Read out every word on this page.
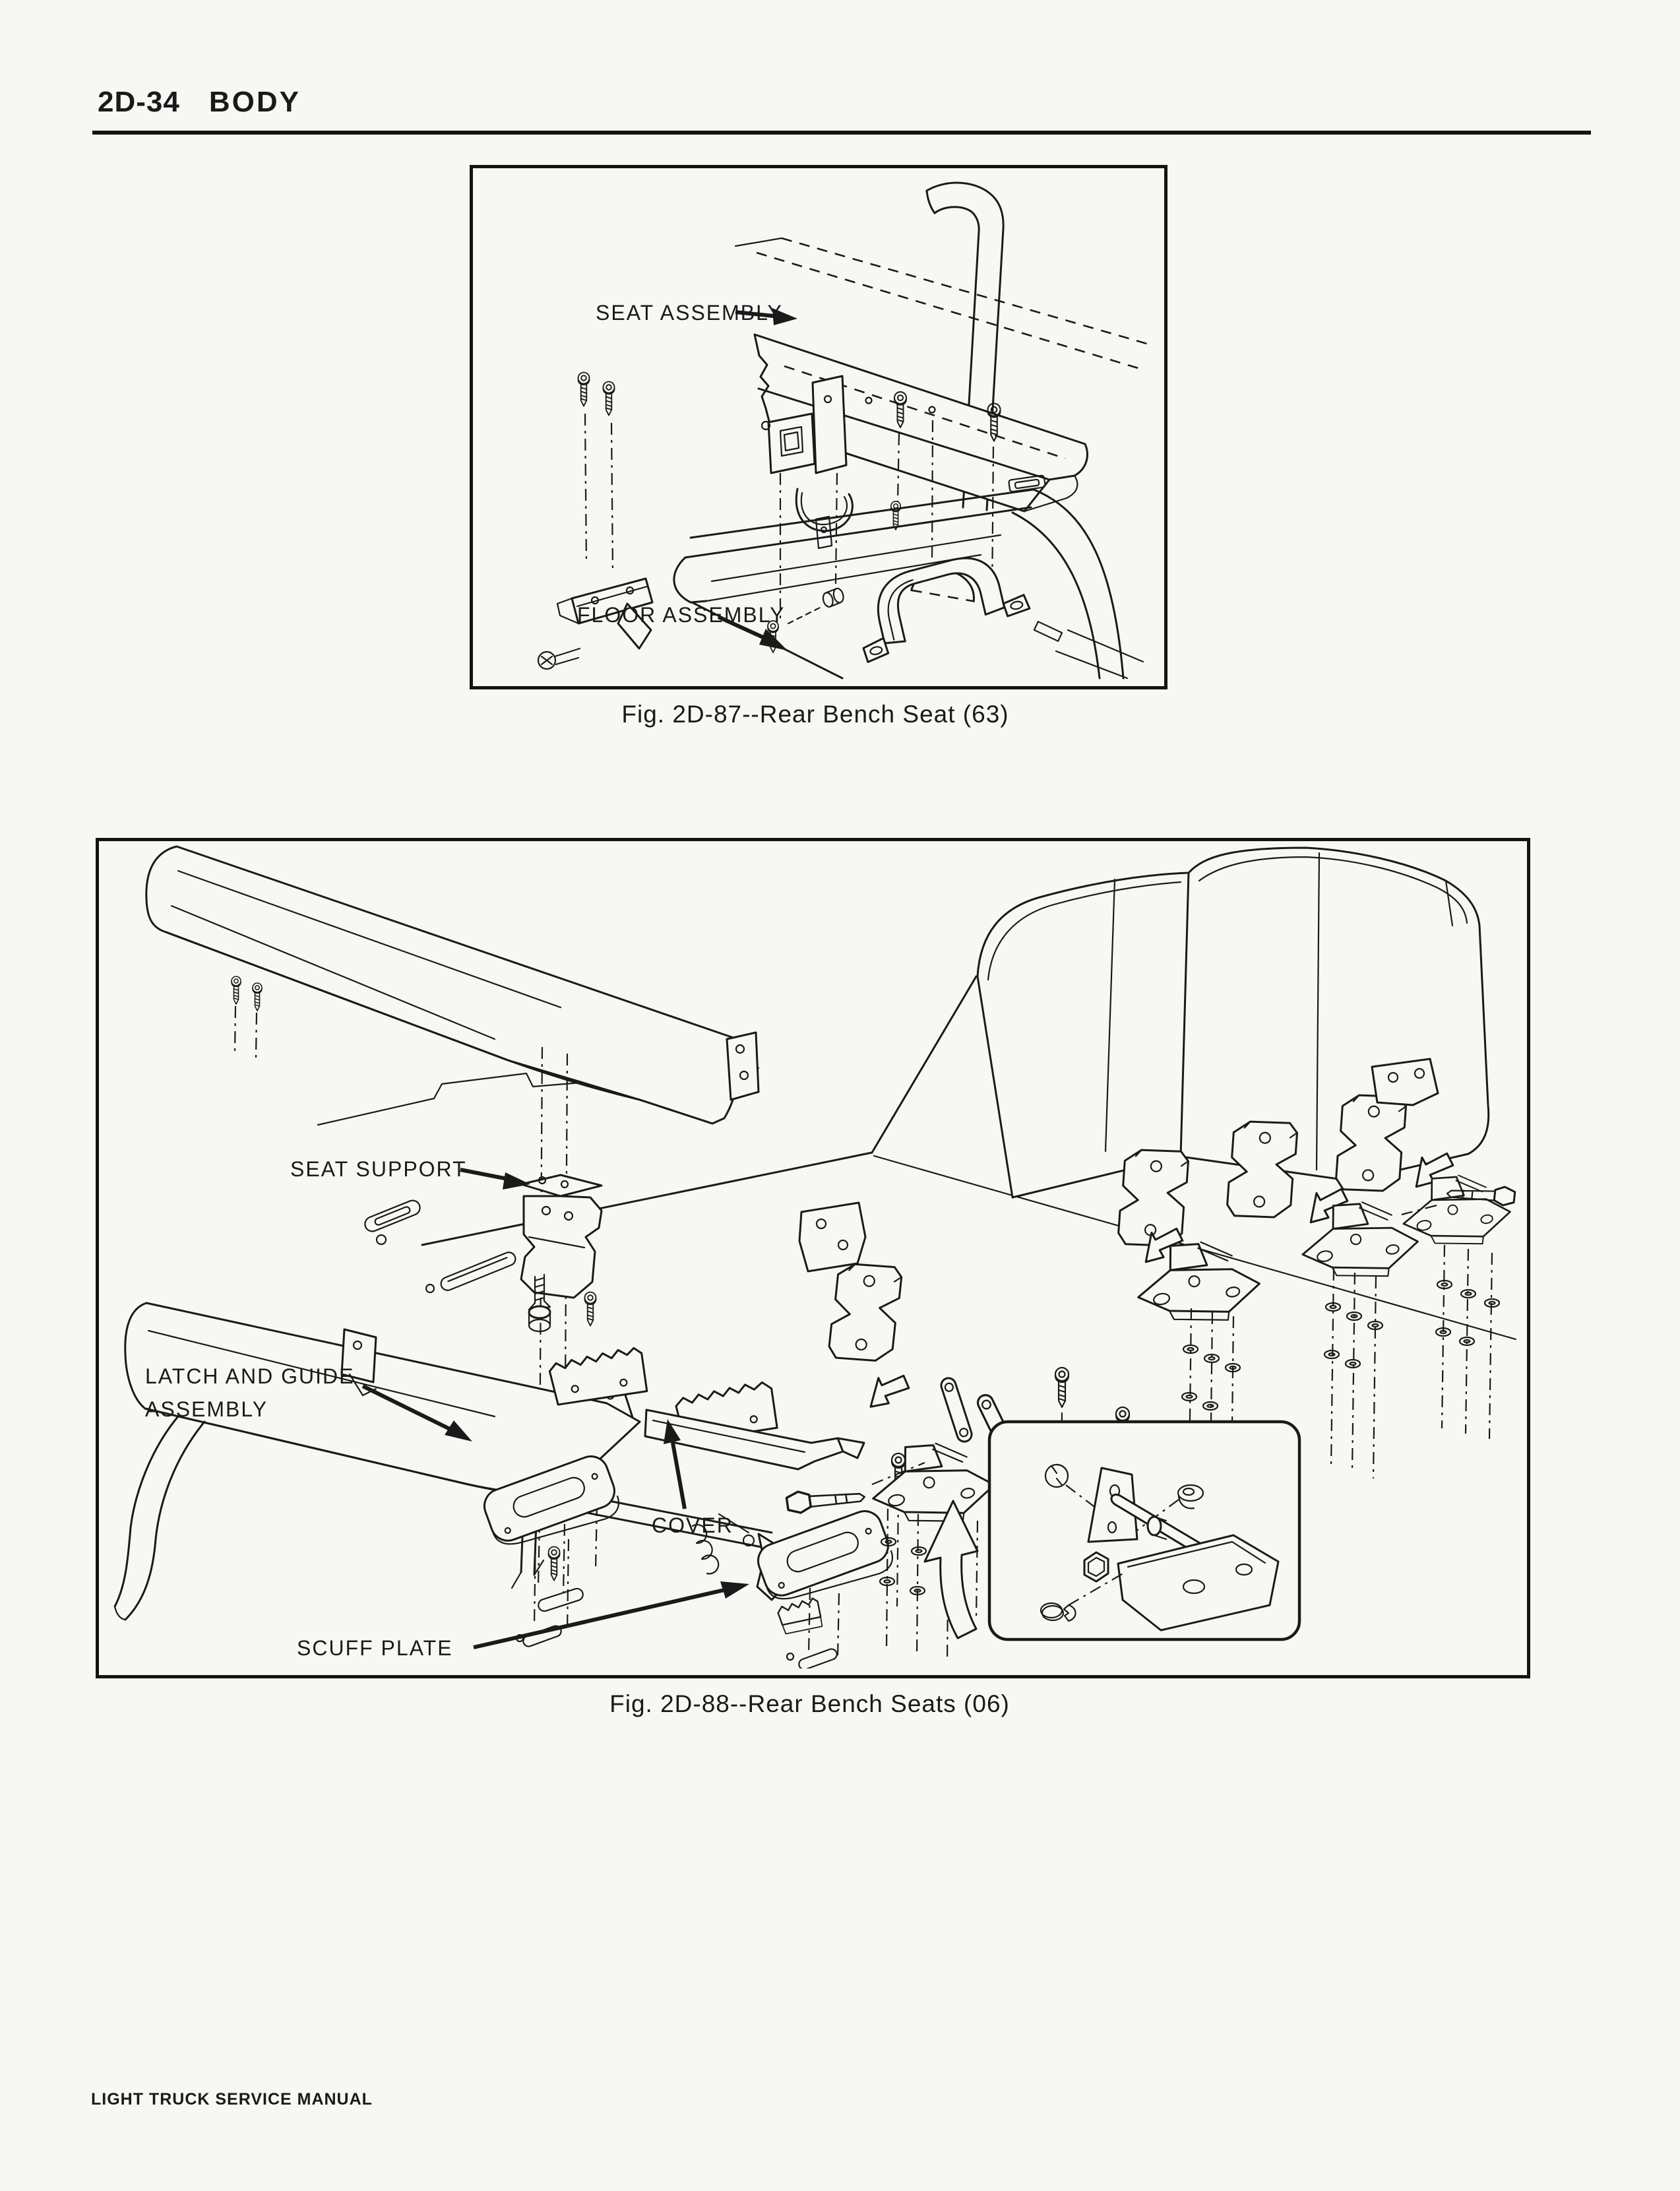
2D-34 BODY
SEAT ASSEMBLY
FLOOR ASSEMBLY
Fig. 2D-87--Rear Bench Seat (63)
SEAT SUPPORT
LATCH AND GUIDE
ASSEMBLY
COVER
SCUFF PLATE
Fig. 2D-88--Rear Bench Seats (06)
LIGHT TRUCK SERVICE MANUAL
